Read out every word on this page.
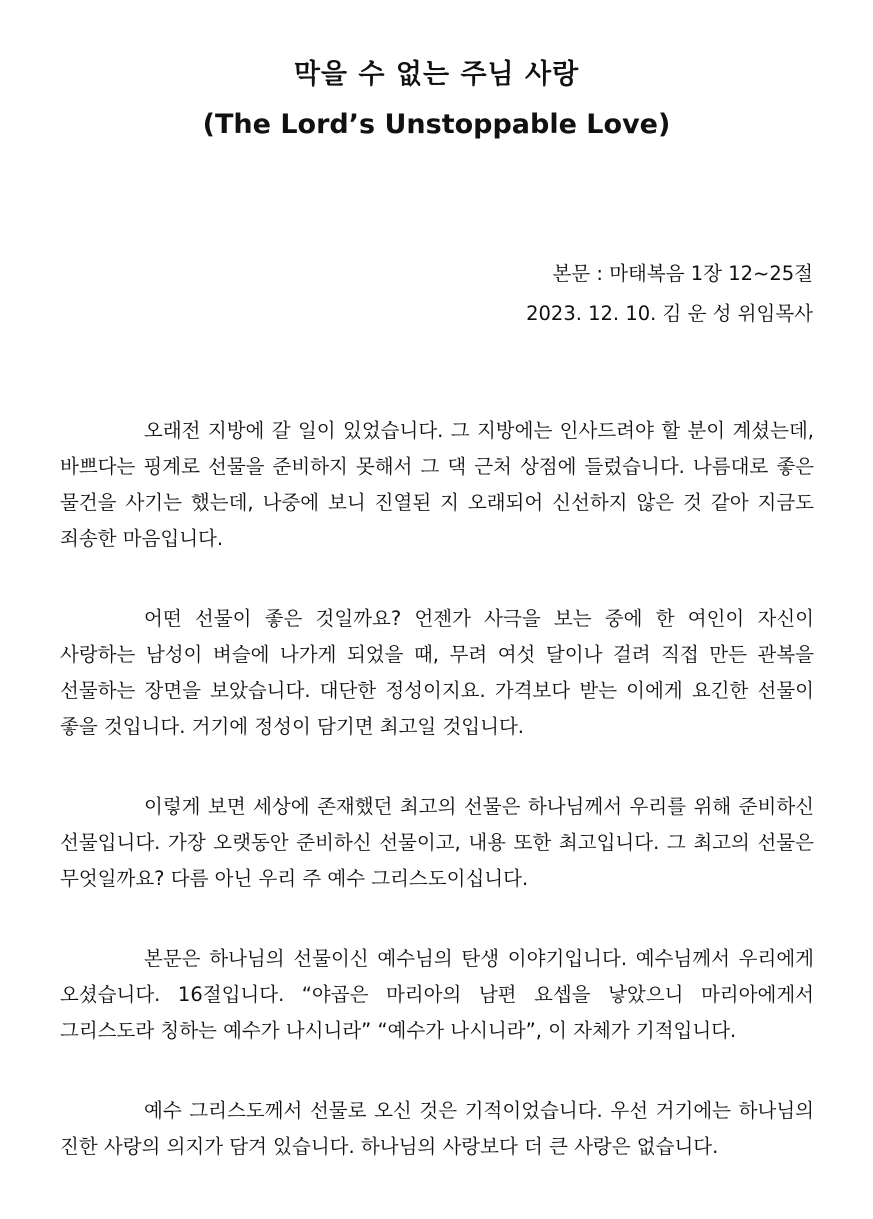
막을 수 없는 주님 사랑
(The Lord’s Unstoppable Love)
본문 : 마태복음 1장 12~25절
2023. 12. 10. 김 운 성 위임목사

오래전 지방에 갈 일이 있었습니다. 그 지방에는 인사드려야 할 분이 계셨는데, 바쁘다는 핑계로 선물을 준비하지 못해서 그 댁 근처 상점에 들렀습니다. 나름대로 좋은 물건을 사기는 했는데, 나중에 보니 진열된 지 오래되어 신선하지 않은 것 같아 지금도 죄송한 마음입니다.

어떤 선물이 좋은 것일까요? 언젠가 사극을 보는 중에 한 여인이 자신이 사랑하는 남성이 벼슬에 나가게 되었을 때, 무려 여섯 달이나 걸려 직접 만든 관복을 선물하는 장면을 보았습니다. 대단한 정성이지요. 가격보다 받는 이에게 요긴한 선물이 좋을 것입니다. 거기에 정성이 담기면 최고일 것입니다.

이렇게 보면 세상에 존재했던 최고의 선물은 하나님께서 우리를 위해 준비하신 선물입니다. 가장 오랫동안 준비하신 선물이고, 내용 또한 최고입니다. 그 최고의 선물은 무엇일까요? 다름 아닌 우리 주 예수 그리스도이십니다.

본문은 하나님의 선물이신 예수님의 탄생 이야기입니다. 예수님께서 우리에게 오셨습니다. 16절입니다. “야곱은 마리아의 남편 요셉을 낳았으니 마리아에게서 그리스도라 칭하는 예수가 나시니라” “예수가 나시니라”, 이 자체가 기적입니다.

예수 그리스도께서 선물로 오신 것은 기적이었습니다. 우선 거기에는 하나님의 진한 사랑의 의지가 담겨 있습니다. 하나님의 사랑보다 더 큰 사랑은 없습니다.
